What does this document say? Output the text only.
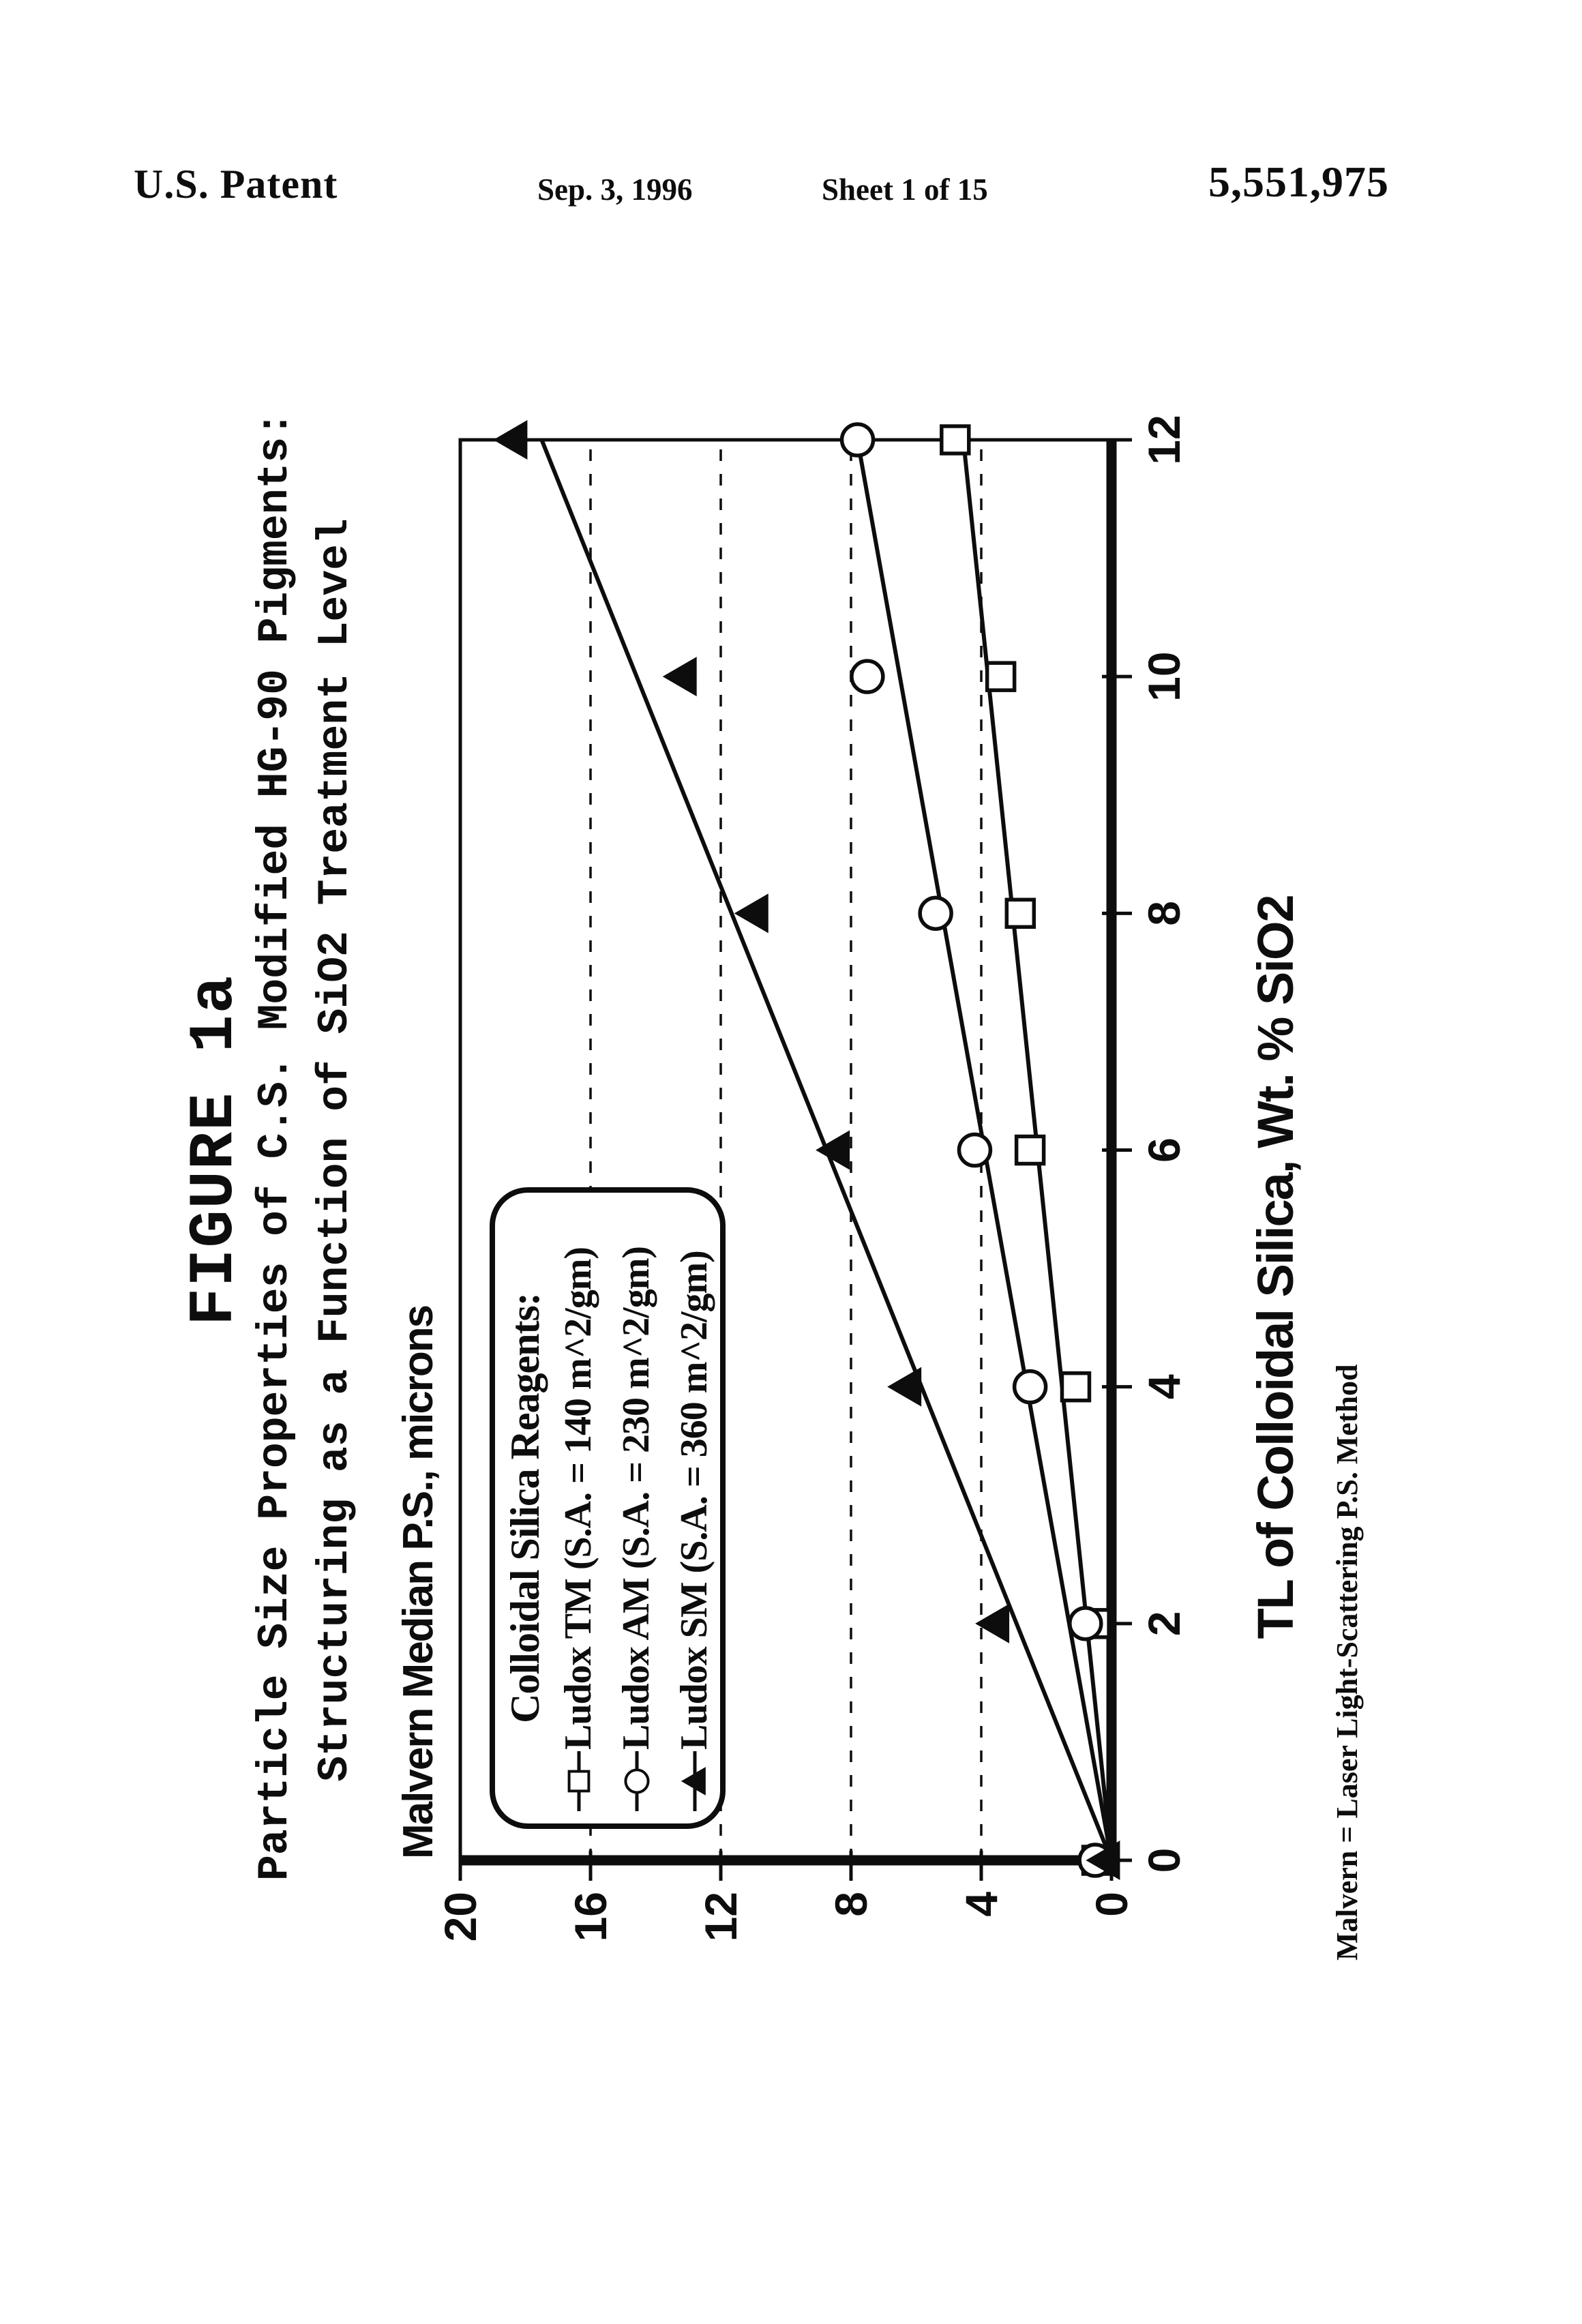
U.S. Patent	Sep. 3, 1996	Sheet 1 of 15	5,551,975
FIGURE 1a Particle Size Properties of C.S. Modified HG-90 Pigments: Structuring as a Function of SiO2 Treatment Level Malvern Median P.S., microns
0
2
4
6
8
10
12
0
4
8
12
16
20
Colloidal Silica Reagents: Ludox TM (S.A. = 140 m^2/gm) Ludox AM (S.A. = 230 m^2/gm) Ludox SM (S.A. = 360 m^2/gm)	TL of Colloidal Silica, Wt. % SiO2
Malvern = Laser Light-Scattering P.S. Method
